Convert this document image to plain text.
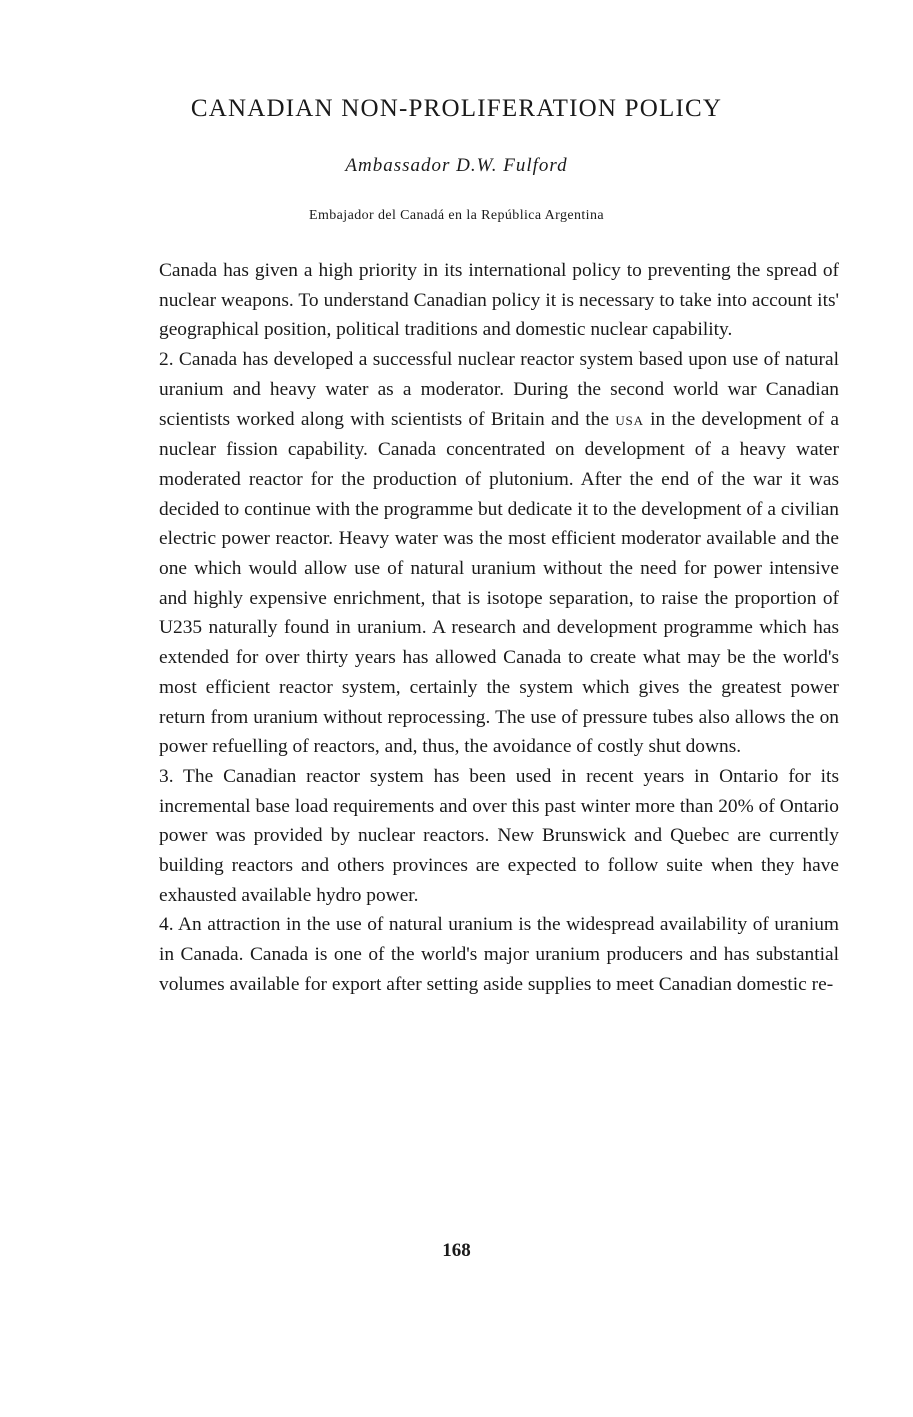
CANADIAN NON-PROLIFERATION POLICY
Ambassador D.W. Fulford
Embajador del Canadá en la República Argentina

Canada has given a high priority in its international policy to preventing the spread of nuclear weapons. To understand Canadian policy it is necessary to take into account its' geographical position, political traditions and domestic nuclear capability.

2. Canada has developed a successful nuclear reactor system based upon use of natural uranium and heavy water as a moderator. During the second world war Canadian scientists worked along with scientists of Britain and the USA in the development of a nuclear fission capability. Canada concentrated on development of a heavy water moderated reactor for the production of plutonium. After the end of the war it was decided to continue with the programme but dedicate it to the development of a civilian electric power reactor. Heavy water was the most efficient moderator available and the one which would allow use of natural uranium without the need for power intensive and highly expensive enrichment, that is isotope separation, to raise the proportion of U235 naturally found in uranium. A research and development programme which has extended for over thirty years has allowed Canada to create what may be the world's most efficient reactor system, certainly the system which gives the greatest power return from uranium without reprocessing. The use of pressure tubes also allows the on power refuelling of reactors, and, thus, the avoidance of costly shut downs.

3. The Canadian reactor system has been used in recent years in Ontario for its incremental base load requirements and over this past winter more than 20% of Ontario power was provided by nuclear reactors. New Brunswick and Quebec are currently building reactors and others provinces are expected to follow suite when they have exhausted available hydro power.

4. An attraction in the use of natural uranium is the widespread availability of uranium in Canada. Canada is one of the world's major uranium producers and has substantial volumes available for export after setting aside supplies to meet Canadian domestic re-

168
